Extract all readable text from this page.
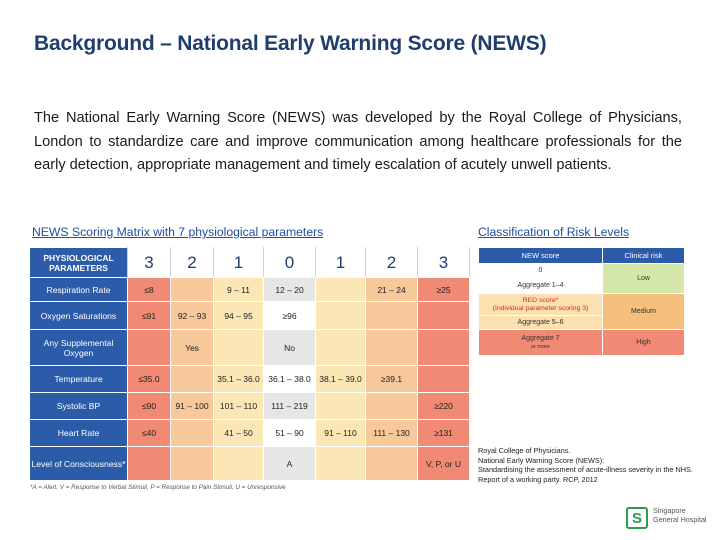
Background – National Early Warning Score (NEWS)
The National Early Warning Score (NEWS) was developed by the Royal College of Physicians, London to standardize care and improve communication among healthcare professionals for the early detection, appropriate management and timely escalation of acutely unwell patients.
NEWS Scoring Matrix with 7 physiological parameters	Classification of Risk Levels
PHYSIOLOGICAL PARAMETERS	3	2	1	0	1	2	3
Respiration Rate	≤8		9 – 11	12 – 20		21 – 24	≥25
Oxygen Saturations	≤91	92 – 93	94 – 95	≥96			
Any Supplemental Oxygen		Yes		No			
Temperature	≤35.0		35.1 – 36.0	36.1 – 38.0	38.1 – 39.0	≥39.1	
Systolic BP	≤90	91 – 100	101 – 110	111 – 219			≥220
Heart Rate	≤40		41 – 50	51 – 90	91 – 110	111 – 130	≥131
Level of Consciousness*				A			V, P, or U
*A = Alert, V = Response to Verbal Stimuli, P = Response to Pain Stimuli, U = Unresponsive
NEW score	Clinical risk
0	Low
Aggregate 1–4	
RED score*
(Individual parameter scoring 3)	Medium
Aggregate 5–6	
Aggregate 7
or more	High
Royal College of Physicians.
National Early Warning Score (NEWS):
Standardising the assessment of acute-illness severity in the NHS.
Report of a working party. RCP, 2012
S	Singapore
General Hospital
